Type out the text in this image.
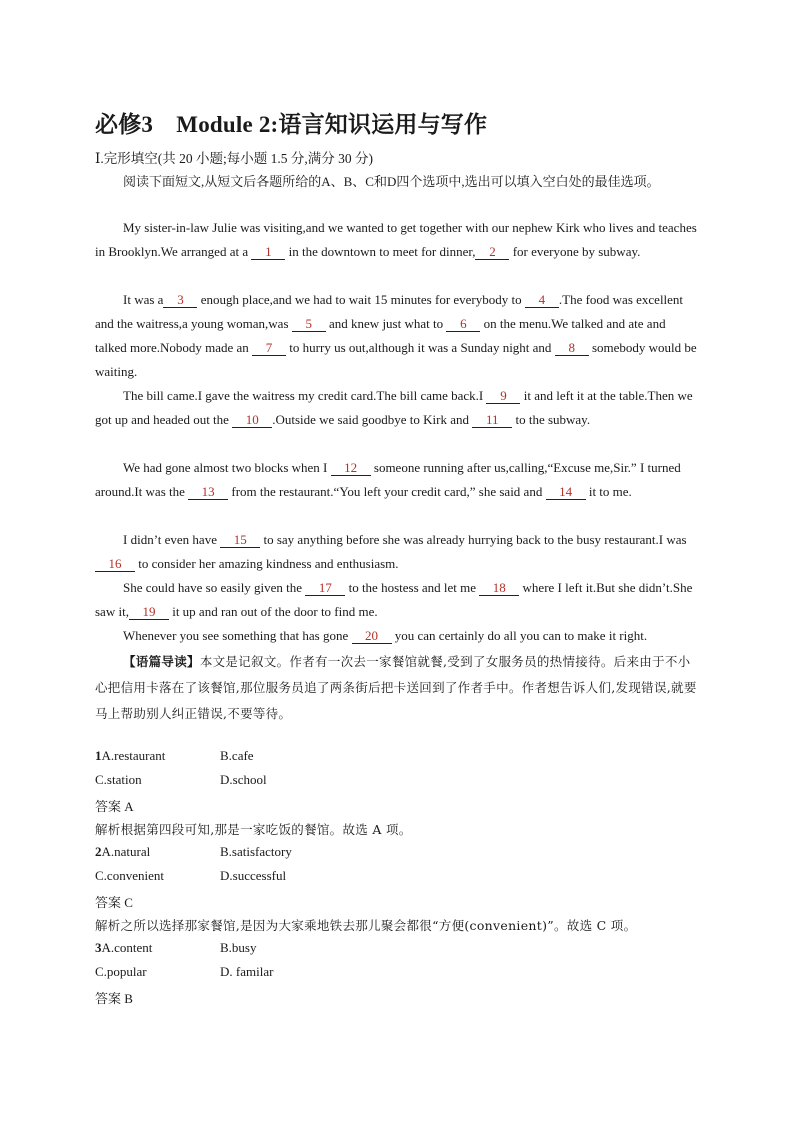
必修3　Module 2:语言知识运用与写作
Ⅰ.完形填空(共 20 小题;每小题 1.5 分,满分 30 分)
阅读下面短文,从短文后各题所给的A、B、C和D四个选项中,选出可以填入空白处的最佳选项。
My sister-in-law Julie was visiting,and we wanted to get together with our nephew Kirk who lives and teaches in Brooklyn.We arranged at a 1 in the downtown to meet for dinner, 2 for everyone by subway.
It was a 3 enough place,and we had to wait 15 minutes for everybody to 4 .The food was excellent and the waitress,a young woman,was 5 and knew just what to 6 on the menu.We talked and ate and talked more.Nobody made an 7 to hurry us out,although it was a Sunday night and 8 somebody would be waiting.
The bill came.I gave the waitress my credit card.The bill came back.I 9 it and left it at the table.Then we got up and headed out the 10 .Outside we said goodbye to Kirk and 11 to the subway.
We had gone almost two blocks when I 12 someone running after us,calling,“Excuse me,Sir.” I turned around.It was the 13 from the restaurant.“You left your credit card,” she said and 14 it to me.
I didn’t even have 15 to say anything before she was already hurrying back to the busy restaurant.I was 16 to consider her amazing kindness and enthusiasm.
She could have so easily given the 17 to the hostess and let me 18 where I left it.But she didn’t.She saw it, 19 it up and ran out of the door to find me.
Whenever you see something that has gone 20 you can certainly do all you can to make it right.
【语篇导读】本文是记叙文。作者有一次去一家餐馆就餐,受到了女服务员的热情接待。后来由于不小心把信用卡落在了该餐馆,那位服务员追了两条街后把卡送回到了作者手中。作者想告诉人们,发现错误,就要马上帮助别人纠正错误,不要等待。
1A.restaurant	B.cafe
C.station	D.school
答案 A
解析根据第四段可知,那是一家吃饭的餐馆。故选 A 项。
2A.natural	B.satisfactory
C.convenient	D.successful
答案 C
解析之所以选择那家餐馆,是因为大家乘地铁去那儿聚会都很“方便(convenient)”。故选 C 项。
3A.content	B.busy
C.popular	D. familar
答案 B
